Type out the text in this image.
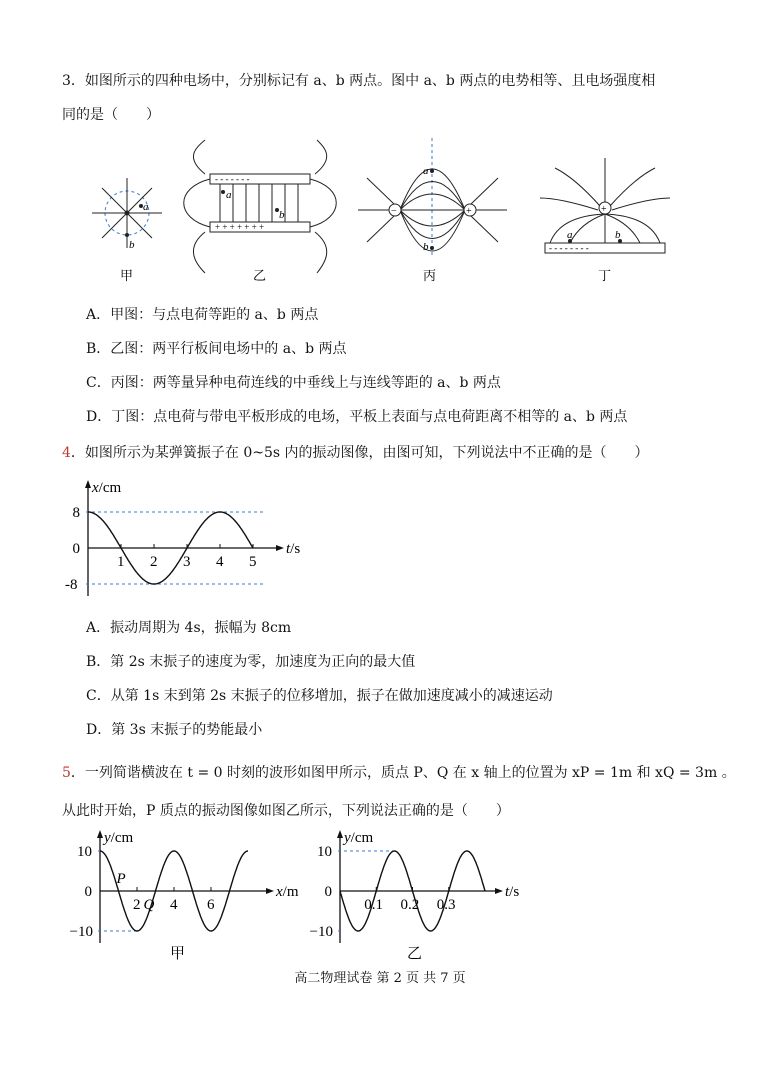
3．如图所示的四种电场中，分别标记有 a、b 两点。图中 a、b 两点的电势相等、且电场强度相
同的是（　　）
a
b
甲
- - - - - - -
+ + + + + + +
a
b
乙
−	+
a
b
丙
- - - - - - - -
+
a	b
丁
A．甲图：与点电荷等距的 a、b 两点
B．乙图：两平行板间电场中的 a、b 两点
C．丙图：两等量异种电荷连线的中垂线上与连线等距的 a、b 两点
D．丁图：点电荷与带电平板形成的电场，平板上表面与点电荷距离不相等的 a、b 两点
4．如图所示为某弹簧振子在 0~5s 内的振动图像，由图可知，下列说法中不正确的是（　　）
1 2 3 4 5
8
0
-8
t/s
x/cm
A．振动周期为 4s，振幅为 8cm
B．第 2s 末振子的速度为零，加速度为正向的最大值
C．从第 1s 末到第 2s 末振子的位移增加，振子在做加速度减小的减速运动
D．第 3s 末振子的势能最小
5．一列简谐横波在 t = 0 时刻的波形如图甲所示，质点 P、Q 在 x 轴上的位置为 xP = 1m 和 xQ = 3m 。
从此时开始，P 质点的振动图像如图乙所示，下列说法正确的是（　　）
2 4 6
10
0
−10
x/m
y/cm
P
Q
甲
0.1 0.2 0.3
10
0
−10
t/s
y/cm
乙
高二物理试卷 第 2 页 共 7 页
